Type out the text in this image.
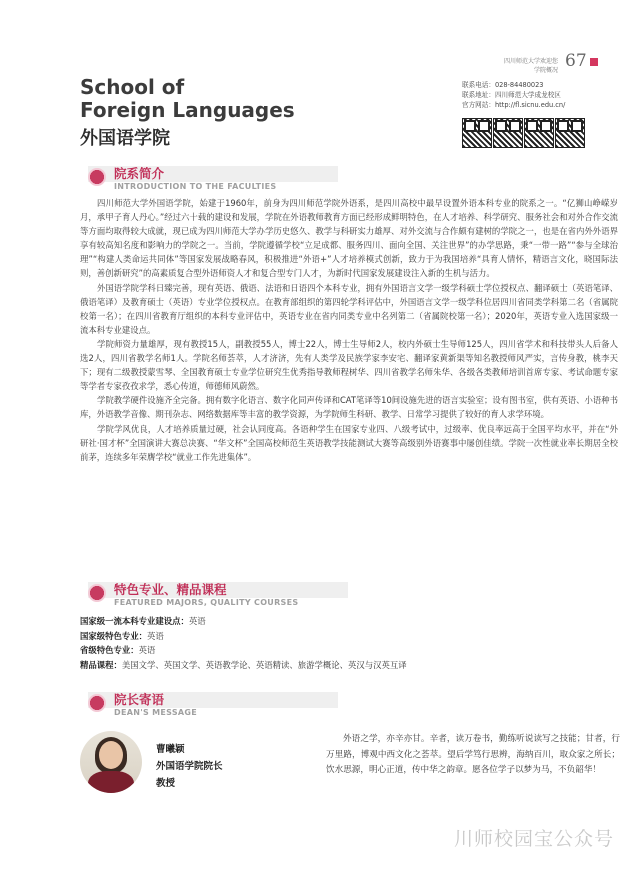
四川师范大学欢迎您
学院概况 67
School of
Foreign Languages
外国语学院
联系电话：028-84480023
联系地址：四川师范大学成龙校区
官方网站：http://fl.sicnu.edu.cn/
院系简介
INTRODUCTION TO THE FACULTIES

四川师范大学外国语学院，始建于1960年，前身为四川师范学院外语系，是四川高校中最早设置外语本科专业的院系之一。“亿狮山峥嵘岁月，承甲子育人丹心。”经过六十载的建设和发展，学院在外语教师教育方面已经形成鲜明特色，在人才培养、科学研究、服务社会和对外合作交流等方面均取得较大成就，现已成为四川师范大学办学历史悠久、教学与科研实力雄厚、对外交流与合作颇有建树的学院之一，也是在省内外外语界享有较高知名度和影响力的学院之一。当前，学院遵循学校“立足成都、服务四川、面向全国、关注世界”的办学思路，秉“一带一路”“参与全球治理”“构建人类命运共同体”等国家发展战略春风，积极推进“外语+”人才培养模式创新，致力于为我国培养“具育人情怀，精语言文化，晓国际法则，善创新研究”的高素质复合型外语师资人才和复合型专门人才，为新时代国家发展建设注入新的生机与活力。

外国语学院学科日臻完善，现有英语、俄语、法语和日语四个本科专业，拥有外国语言文学一级学科硕士学位授权点、翻译硕士（英语笔译、俄语笔译）及教育硕士（英语）专业学位授权点。在教育部组织的第四轮学科评估中，外国语言文学一级学科位居四川省同类学科第二名（省属院校第一名）；在四川省教育厅组织的本科专业评估中，英语专业在省内同类专业中名列第二（省属院校第一名）；2020年，英语专业入选国家级一流本科专业建设点。

学院师资力量雄厚，现有教授15人，副教授55人，博士22人，博士生导师2人，校内外硕士生导师125人，四川省学术和科技带头人后备人选2人，四川省教学名师1人。学院名师荟萃，人才济济，先有人类学及民族学家李安宅、翻译家黄新渠等知名教授师风严实，言传身教，桃李天下；现有二级教授蒙雪琴、全国教育硕士专业学位研究生优秀指导教师程树华、四川省教学名师朱华、各级各类教师培训首席专家、考试命题专家等学者专家孜孜求学，悉心传道，师德师风蔚然。

学院教学硬件设施齐全完备。拥有数字化语言、数字化同声传译和CAT笔译等10间设施先进的语言实验室；设有图书室，供有英语、小语种书库，外语教学音像、期刊杂志、网络数据库等丰富的教学资源，为学院师生科研、教学、日常学习提供了较好的育人求学环境。

学院学风优良，人才培养质量过硬，社会认同度高。各语种学生在国家专业四、八级考试中，过级率、优良率远高于全国平均水平，并在“外研社·国才杯”全国演讲大赛总决赛、“华文杯”全国高校师范生英语教学技能测试大赛等高级别外语赛事中屡创佳绩。学院一次性就业率长期居全校前茅，连续多年荣膺学校“就业工作先进集体”。

特色专业、精品课程
FEATURED MAJORS, QUALITY COURSES
国家级一流本科专业建设点：英语
国家级特色专业：英语
省级特色专业：英语
精品课程：美国文学、英国文学、英语教学论、英语精读、旅游学概论、英汉与汉英互译
院长寄语
DEAN'S MESSAGE
曹曦颖
外国语学院院长
教授
外语之学，亦辛亦甘。辛者，读万卷书，勤练听说读写之技能；甘者，行万里路，博观中西文化之荟萃。望后学笃行思辨，海纳百川，取众家之所长；饮水思源，明心正道，传中华之韵章。愿各位学子以梦为马，不负韶华！
川师校园宝公众号
